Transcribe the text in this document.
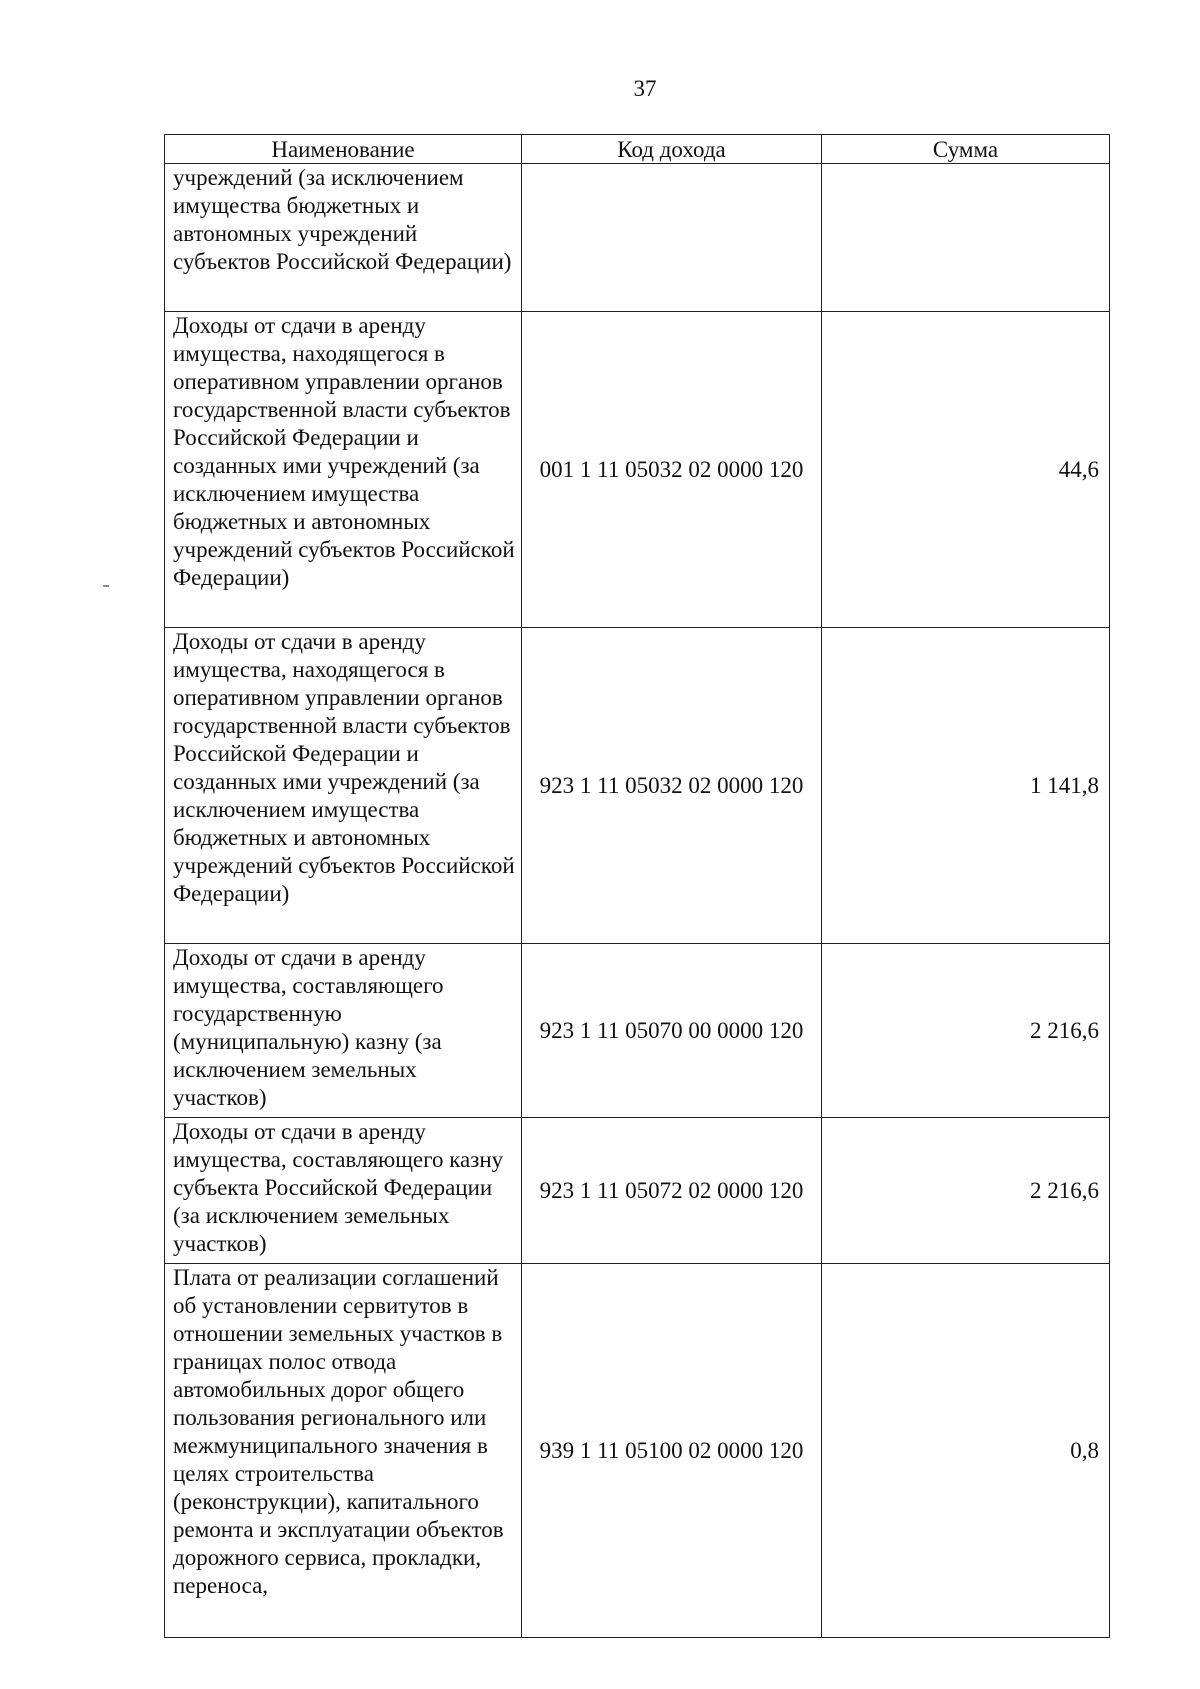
37
Наименование	Код дохода	Сумма
учреждений (за исключением имущества бюджетных и автономных учреждений субъектов Российской Федерации)		
Доходы от сдачи в аренду имущества, находящегося в оперативном управлении органов государственной власти субъектов Российской Федерации и созданных ими учреждений (за исключением имущества бюджетных и автономных учреждений субъектов Российской Федерации)	001 1 11 05032 02 0000 120	44,6
Доходы от сдачи в аренду имущества, находящегося в оперативном управлении органов государственной власти субъектов Российской Федерации и созданных ими учреждений (за исключением имущества бюджетных и автономных учреждений субъектов Российской Федерации)	923 1 11 05032 02 0000 120	1 141,8
Доходы от сдачи в аренду имущества, составляющего государственную (муниципальную) казну (за исключением земельных участков)	923 1 11 05070 00 0000 120	2 216,6
Доходы от сдачи в аренду имущества, составляющего казну субъекта Российской Федерации (за исключением земельных участков)	923 1 11 05072 02 0000 120	2 216,6
Плата от реализации соглашений об установлении сервитутов в отношении земельных участков в границах полос отвода автомобильных дорог общего пользования регионального или межмуниципального значения в целях строительства (реконструкции), капитального ремонта и эксплуатации объектов дорожного сервиса, прокладки, переноса,	939 1 11 05100 02 0000 120	0,8
